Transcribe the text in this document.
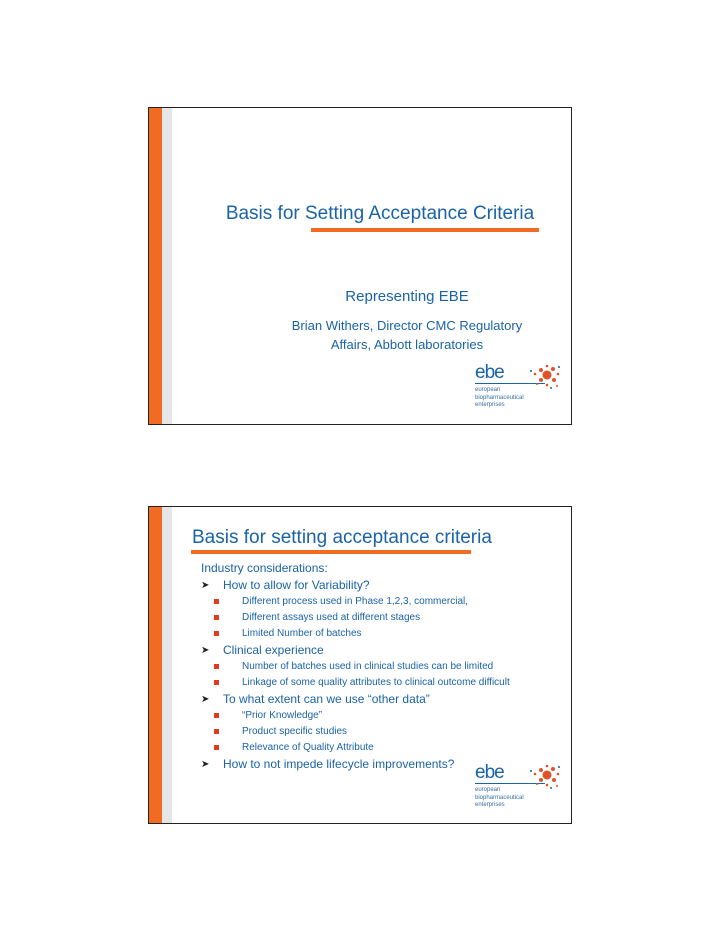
Basis for Setting Acceptance Criteria
Representing EBE
Brian Withers, Director CMC Regulatory
Affairs, Abbott laboratories
ebe
european
biopharmaceutical
enterprises
Basis for setting acceptance criteria
Industry considerations:
➤ How to allow for Variability?
Different process used in Phase 1,2,3, commercial,
Different assays used at different stages
Limited Number of batches
➤ Clinical experience
Number of batches used in clinical studies can be limited
Linkage of some quality attributes to clinical outcome difficult
➤ To what extent can we use “other data”
“Prior Knowledge”
Product specific studies
Relevance of Quality Attribute
➤ How to not impede lifecycle improvements?	ebe
european
biopharmaceutical
enterprises
